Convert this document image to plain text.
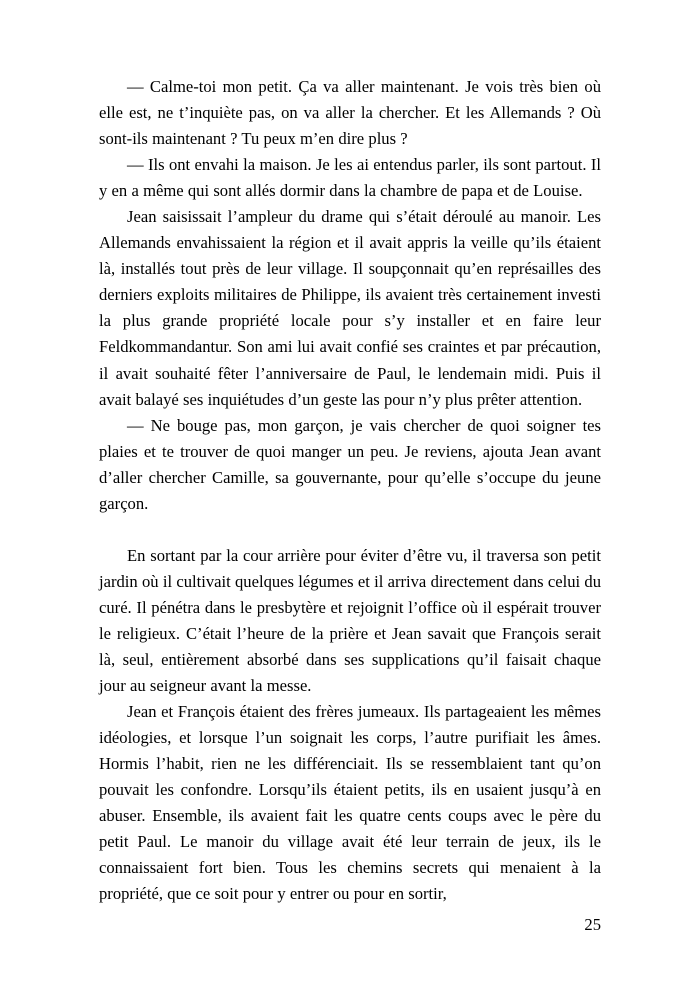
— Calme-toi mon petit. Ça va aller maintenant. Je vois très bien où elle est, ne t’inquiète pas, on va aller la chercher. Et les Allemands ? Où sont-ils maintenant ? Tu peux m’en dire plus ?

— Ils ont envahi la maison. Je les ai entendus parler, ils sont partout. Il y en a même qui sont allés dormir dans la chambre de papa et de Louise.

Jean saisissait l’ampleur du drame qui s’était déroulé au manoir. Les Allemands envahissaient la région et il avait appris la veille qu’ils étaient là, installés tout près de leur village. Il soupçonnait qu’en représailles des derniers exploits militaires de Philippe, ils avaient très certainement investi la plus grande propriété locale pour s’y installer et en faire leur Feldkommandantur. Son ami lui avait confié ses craintes et par précaution, il avait souhaité fêter l’anniversaire de Paul, le lendemain midi. Puis il avait balayé ses inquiétudes d’un geste las pour n’y plus prêter attention.

— Ne bouge pas, mon garçon, je vais chercher de quoi soigner tes plaies et te trouver de quoi manger un peu. Je reviens, ajouta Jean avant d’aller chercher Camille, sa gouvernante, pour qu’elle s’occupe du jeune garçon.

En sortant par la cour arrière pour éviter d’être vu, il traversa son petit jardin où il cultivait quelques légumes et il arriva directement dans celui du curé. Il pénétra dans le presbytère et rejoignit l’office où il espérait trouver le religieux. C’était l’heure de la prière et Jean savait que François serait là, seul, entièrement absorbé dans ses supplications qu’il faisait chaque jour au seigneur avant la messe.

Jean et François étaient des frères jumeaux. Ils partageaient les mêmes idéologies, et lorsque l’un soignait les corps, l’autre purifiait les âmes. Hormis l’habit, rien ne les différenciait. Ils se ressemblaient tant qu’on pouvait les confondre. Lorsqu’ils étaient petits, ils en usaient jusqu’à en abuser. Ensemble, ils avaient fait les quatre cents coups avec le père du petit Paul. Le manoir du village avait été leur terrain de jeux, ils le connaissaient fort bien. Tous les chemins secrets qui menaient à la propriété, que ce soit pour y entrer ou pour en sortir,

25
